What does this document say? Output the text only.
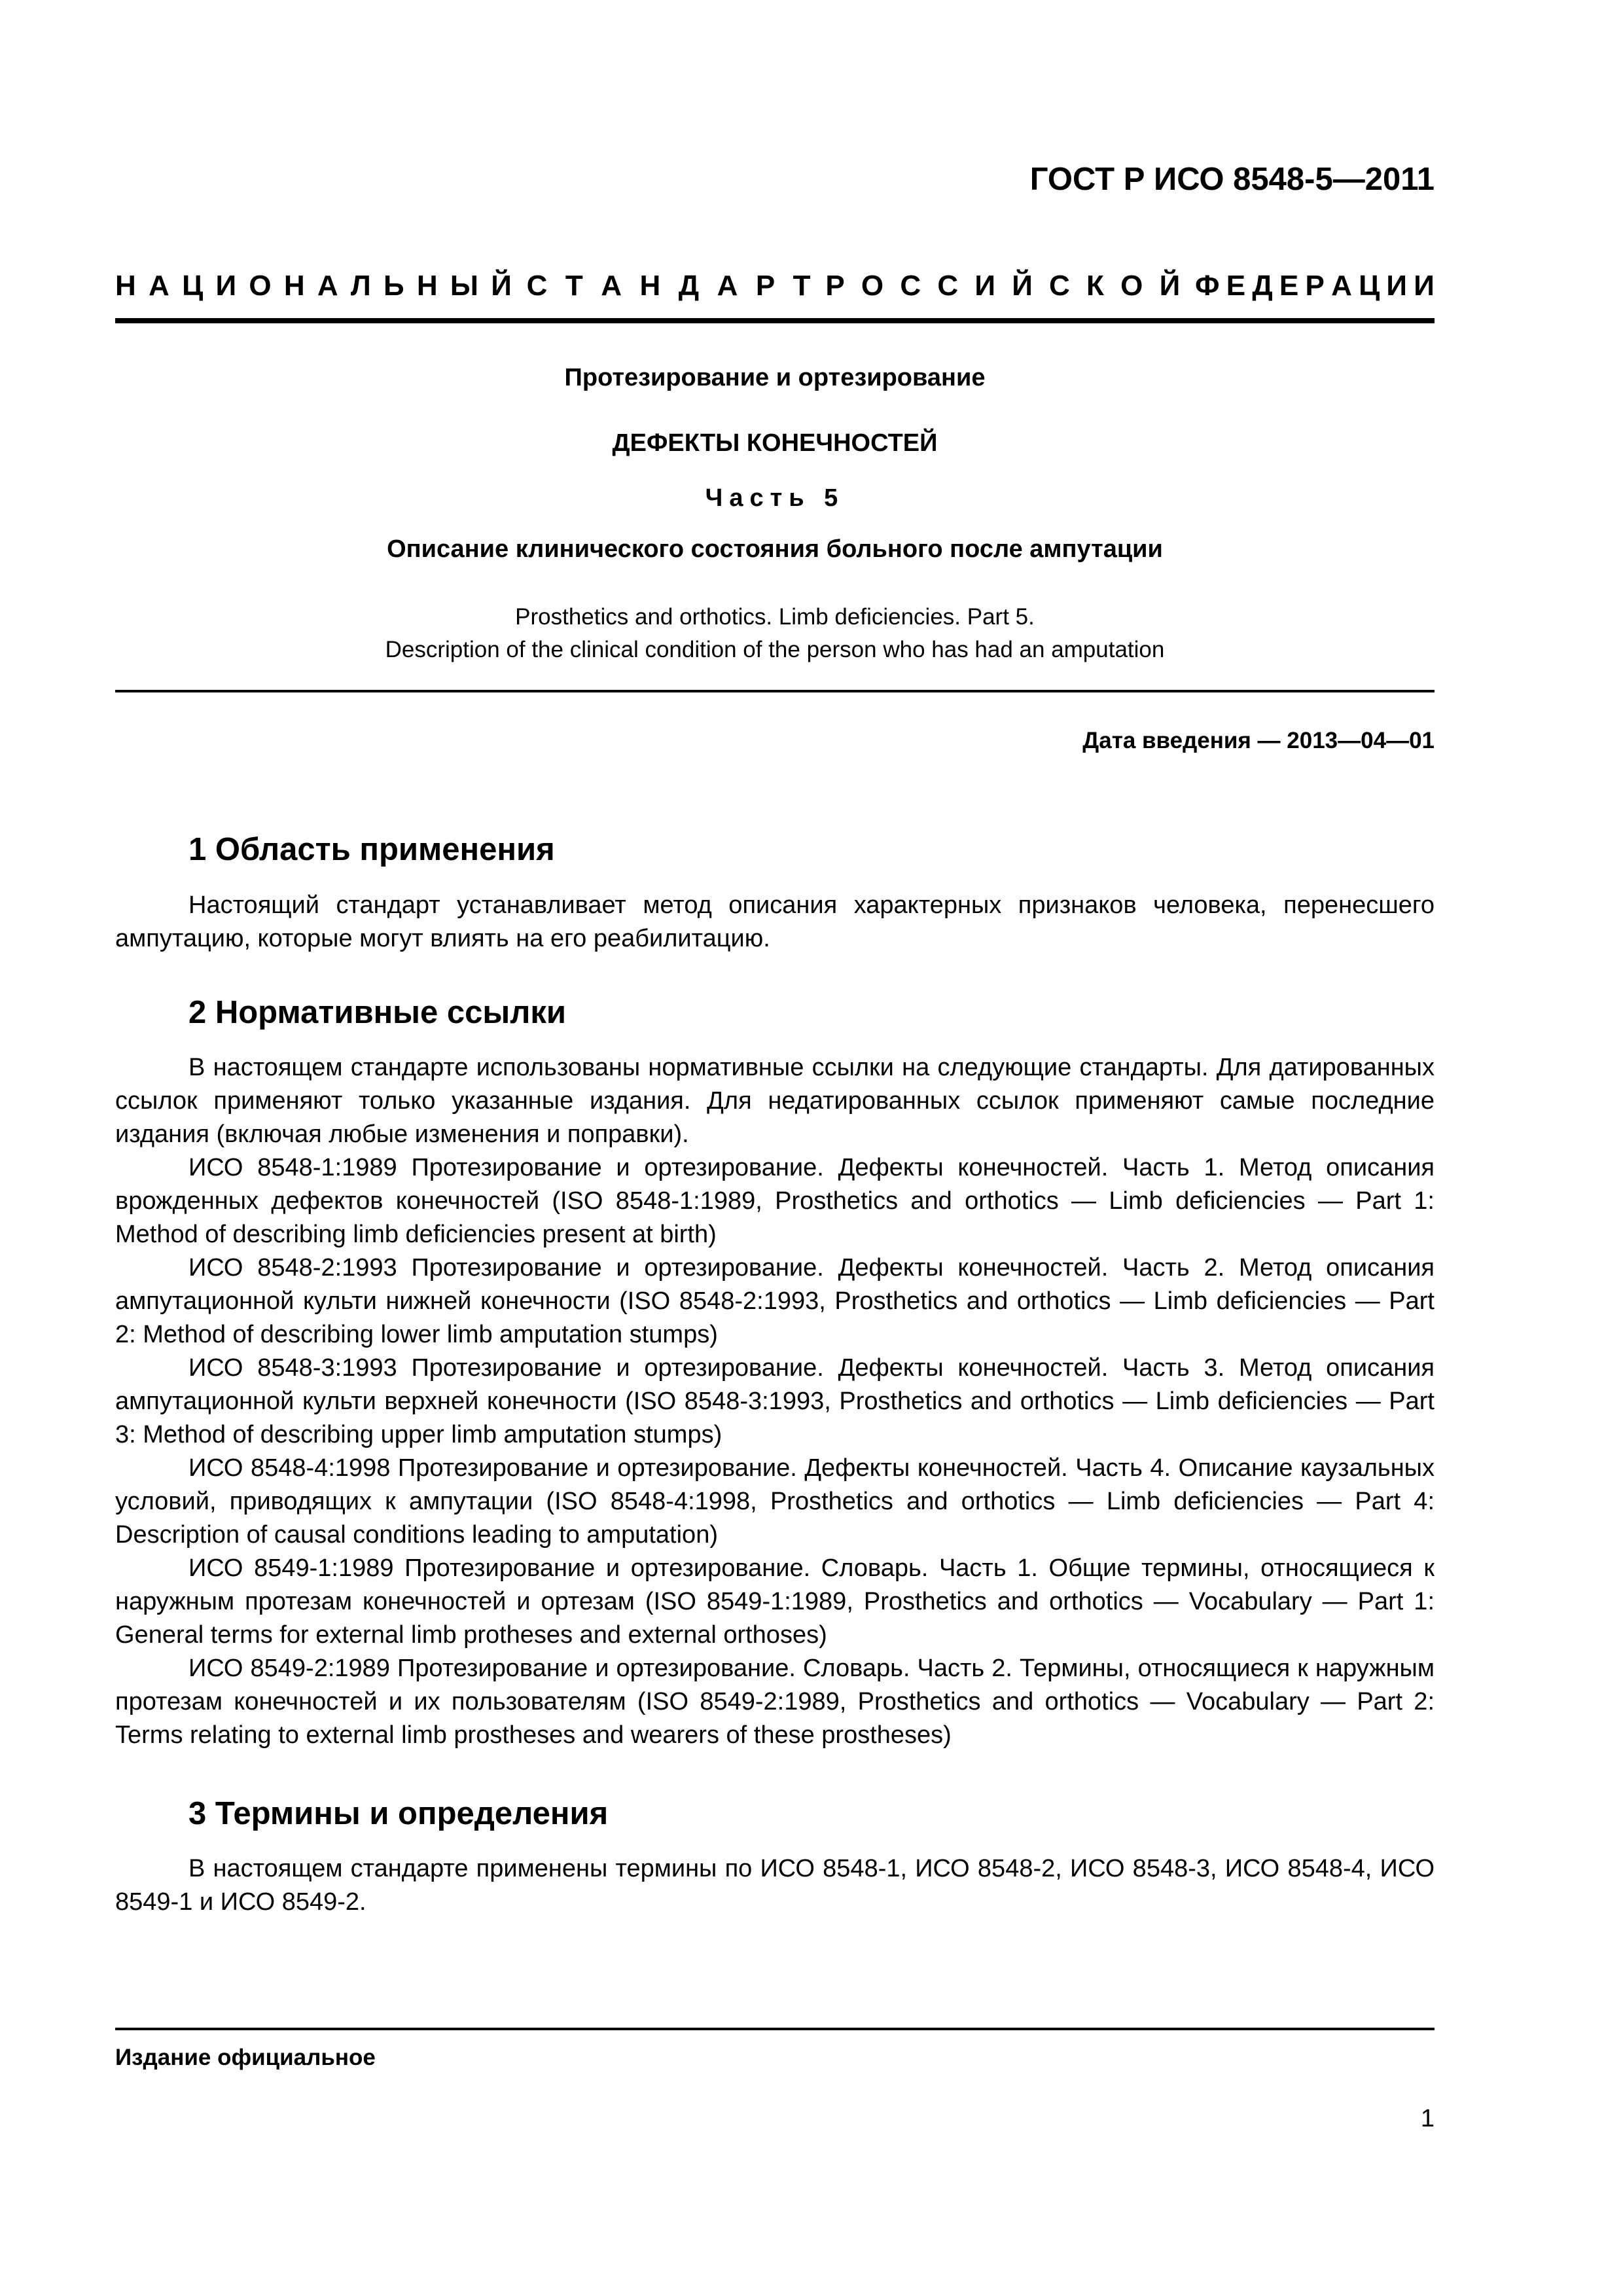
ГОСТ Р ИСО 8548-5—2011
Н А Ц И О Н А Л Ь Н Ы Й С Т А Н Д А Р Т Р О С С И Й С К О Й Ф Е Д Е Р А Ц И И
Протезирование и ортезирование
ДЕФЕКТЫ КОНЕЧНОСТЕЙ
Часть 5
Описание клинического состояния больного после ампутации
Prosthetics and orthotics. Limb deficiencies. Part 5.
Description of the clinical condition of the person who has had an amputation
Дата введения — 2013—04—01
1 Область применения

Настоящий стандарт устанавливает метод описания характерных признаков человека, перенесшего ампутацию, которые могут влиять на его реабилитацию.

2 Нормативные ссылки

В настоящем стандарте использованы нормативные ссылки на следующие стандарты. Для датированных ссылок применяют только указанные издания. Для недатированных ссылок применяют самые последние издания (включая любые изменения и поправки).

ИСО 8548-1:1989 Протезирование и ортезирование. Дефекты конечностей. Часть 1. Метод описания врожденных дефектов конечностей (ISO 8548-1:1989, Prosthetics and orthotics — Limb deficiencies — Part 1: Method of describing limb deficiencies present at birth)

ИСО 8548-2:1993 Протезирование и ортезирование. Дефекты конечностей. Часть 2. Метод описания ампутационной культи нижней конечности (ISO 8548-2:1993, Prosthetics and orthotics — Limb deficiencies — Part 2: Method of describing lower limb amputation stumps)

ИСО 8548-3:1993 Протезирование и ортезирование. Дефекты конечностей. Часть 3. Метод описания ампутационной культи верхней конечности (ISO 8548-3:1993, Prosthetics and orthotics — Limb deficiencies — Part 3: Method of describing upper limb amputation stumps)

ИСО 8548-4:1998 Протезирование и ортезирование. Дефекты конечностей. Часть 4. Описание каузальных условий, приводящих к ампутации (ISO 8548-4:1998, Prosthetics and orthotics — Limb deficiencies — Part 4: Description of causal conditions leading to amputation)

ИСО 8549-1:1989 Протезирование и ортезирование. Словарь. Часть 1. Общие термины, относящиеся к наружным протезам конечностей и ортезам (ISO 8549-1:1989, Prosthetics and orthotics — Vocabulary — Part 1: General terms for external limb protheses and external orthoses)

ИСО 8549-2:1989 Протезирование и ортезирование. Словарь. Часть 2. Термины, относящиеся к наружным протезам конечностей и их пользователям (ISO 8549-2:1989, Prosthetics and orthotics — Vocabulary — Part 2: Terms relating to external limb prostheses and wearers of these prostheses)

3 Термины и определения

В настоящем стандарте применены термины по ИСО 8548-1, ИСО 8548-2, ИСО 8548-3, ИСО 8548-4, ИСО 8549-1 и ИСО 8549-2.

Издание официальное
1
